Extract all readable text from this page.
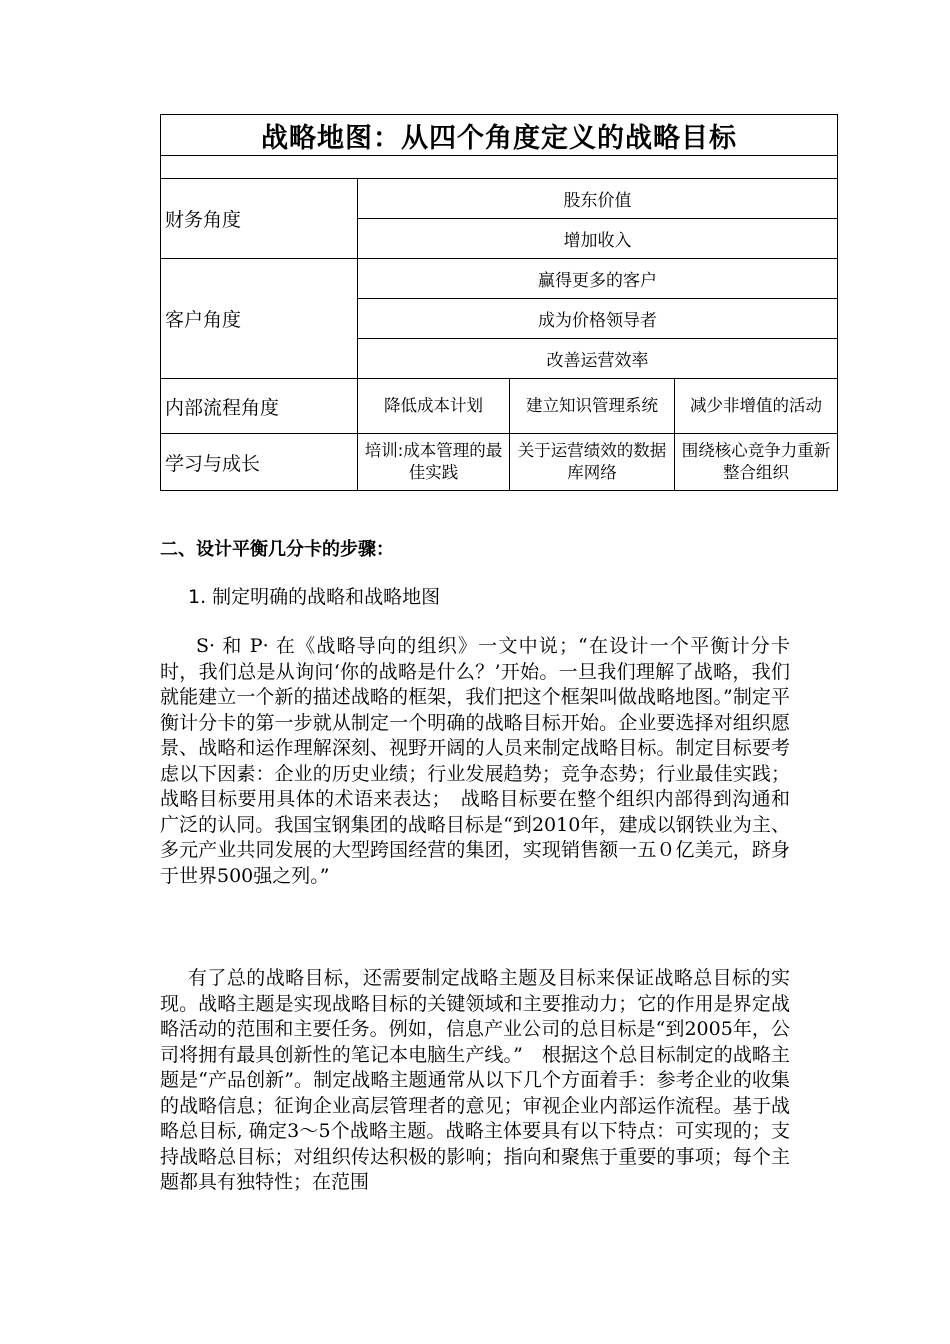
战略地图：从四个角度定义的战略目标			

财务角度	股东价值		
	增加收入		
客户角度	赢得更多的客户		
	成为价格领导者		
	改善运营效率		
内部流程角度	降低成本计划	建立知识管理系统	减少非增值的活动
学习与成长	培训:成本管理的最佳实践	关于运营绩效的数据库网络	围绕核心竞争力重新整合组织
二、设计平衡几分卡的步骤：

1. 制定明确的战略和战略地图

S· 和 P· 在《战略导向的组织》一文中说；“在设计一个平衡计分卡时，我们总是从询问‘你的战略是什么？’开始。一旦我们理解了战略，我们就能建立一个新的描述战略的框架，我们把这个框架叫做战略地图。”制定平衡计分卡的第一步就从制定一个明确的战略目标开始。企业要选择对组织愿景、战略和运作理解深刻、视野开阔的人员来制定战略目标。制定目标要考虑以下因素：企业的历史业绩；行业发展趋势；竞争态势；行业最佳实践；战略目标要用具体的术语来表达；　战略目标要在整个组织内部得到沟通和广泛的认同。我国宝钢集团的战略目标是“到2010年，建成以钢铁业为主、多元产业共同发展的大型跨国经营的集团，实现销售额一五０亿美元，跻身于世界500强之列。”

有了总的战略目标，还需要制定战略主题及目标来保证战略总目标的实现。战略主题是实现战略目标的关键领域和主要推动力；它的作用是界定战略活动的范围和主要任务。例如，信息产业公司的总目标是“到2005年，公司将拥有最具创新性的笔记本电脑生产线。”　根据这个总目标制定的战略主题是“产品创新”。制定战略主题通常从以下几个方面着手：参考企业的收集的战略信息；征询企业高层管理者的意见；审视企业内部运作流程。基于战略总目标, 确定3～5个战略主题。战略主体要具有以下特点：可实现的；支持战略总目标；对组织传达积极的影响；指向和聚焦于重要的事项；每个主题都具有独特性；在范围
